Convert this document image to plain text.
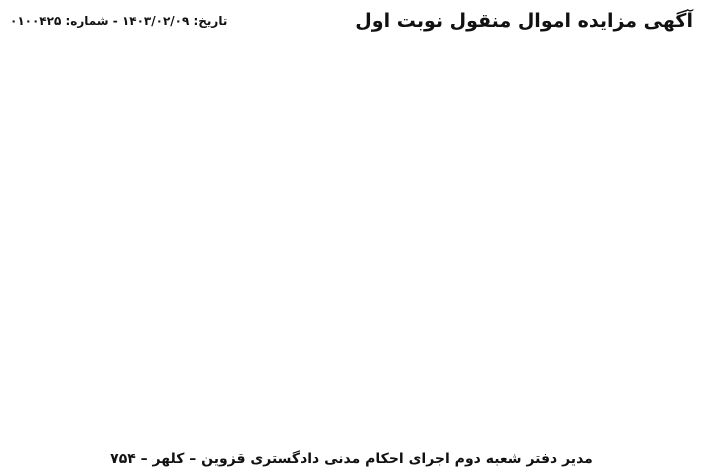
آگهی مزایده اموال منقول نوبت اول
تاریخ: ۱۴۰۳/۰۲/۰۹ - شماره: ۰۱۰۰۴۲۵
مدیر دفتر شعبه دوم اجرای احکام مدنی دادگستری قزوین – کلهر – ۷۵۴
